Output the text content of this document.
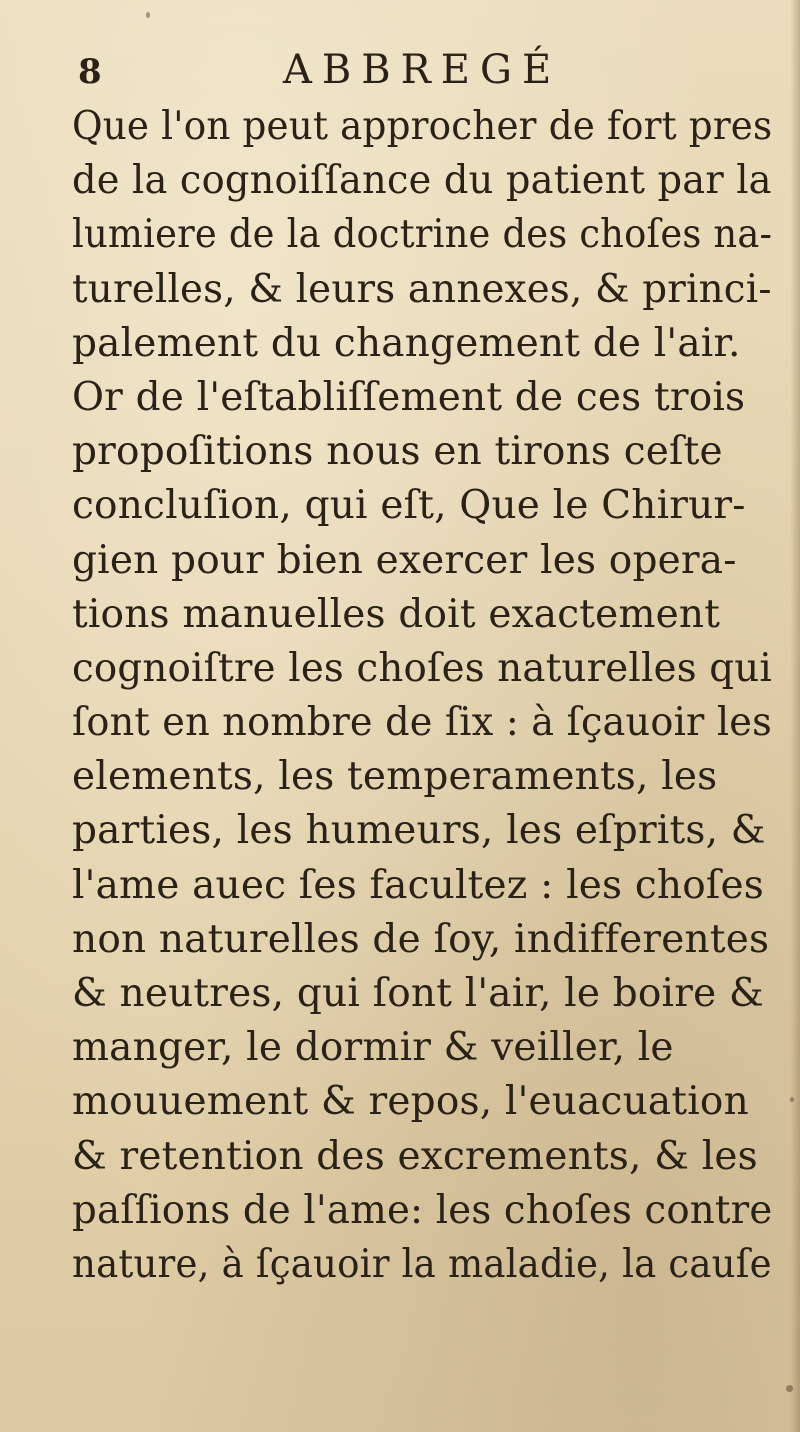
8	ABBREGÉ
Que l'on peut approcher de fort pres
de la cognoiſſance du patient par la
lumiere de la doctrine des choſes na-
turelles, & leurs annexes, & princi-
palement du changement de l'air.
Or de l'eſtabliſſement de ces trois
propoſitions nous en tirons ceſte
concluſion, qui eſt, Que le Chirur-
gien pour bien exercer les opera-
tions manuelles doit exactement
cognoiſtre les choſes naturelles qui
ſont en nombre de ſix : à ſçauoir les
elements, les temperaments, les
parties, les humeurs, les eſprits, &
l'ame auec ſes facultez : les choſes
non naturelles de ſoy, indifferentes
& neutres, qui ſont l'air, le boire &
manger, le dormir & veiller, le
mouuement & repos, l'euacuation
& retention des excrements, & les
paſſions de l'ame: les choſes contre
nature, à ſçauoir la maladie, la cauſe
